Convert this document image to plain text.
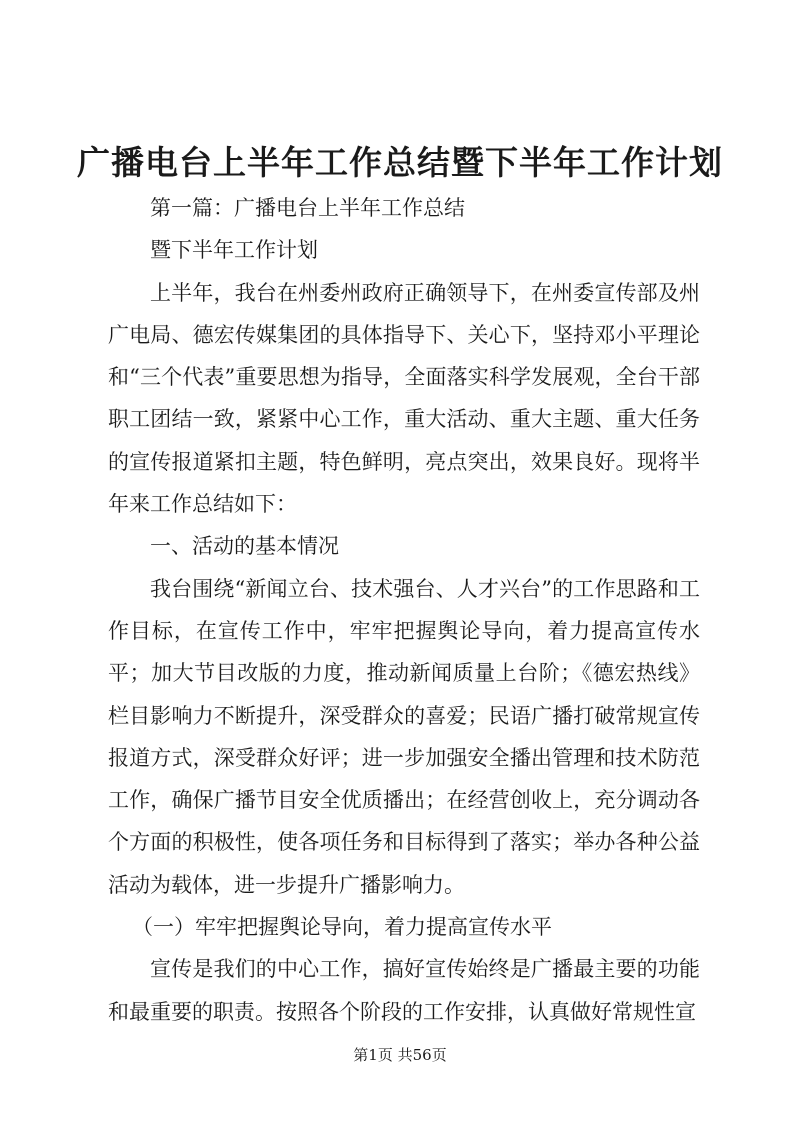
广播电台上半年工作总结暨下半年工作计划

第一篇：广播电台上半年工作总结

暨下半年工作计划

上半年，我台在州委州政府正确领导下，在州委宣传部及州广电局、德宏传媒集团的具体指导下、关心下，坚持邓小平理论和“三个代表”重要思想为指导，全面落实科学发展观，全台干部职工团结一致，紧紧中心工作，重大活动、重大主题、重大任务的宣传报道紧扣主题，特色鲜明，亮点突出，效果良好。现将半年来工作总结如下：

一、活动的基本情况

我台围绕“新闻立台、技术强台、人才兴台”的工作思路和工作目标，在宣传工作中，牢牢把握舆论导向，着力提高宣传水平；加大节目改版的力度，推动新闻质量上台阶；《德宏热线》栏目影响力不断提升，深受群众的喜爱；民语广播打破常规宣传报道方式，深受群众好评；进一步加强安全播出管理和技术防范工作，确保广播节目安全优质播出；在经营创收上，充分调动各个方面的积极性，使各项任务和目标得到了落实；举办各种公益活动为载体，进一步提升广播影响力。

（一）牢牢把握舆论导向，着力提高宣传水平

宣传是我们的中心工作，搞好宣传始终是广播最主要的功能和最重要的职责。按照各个阶段的工作安排，认真做好常规性宣

第1页 共56页
